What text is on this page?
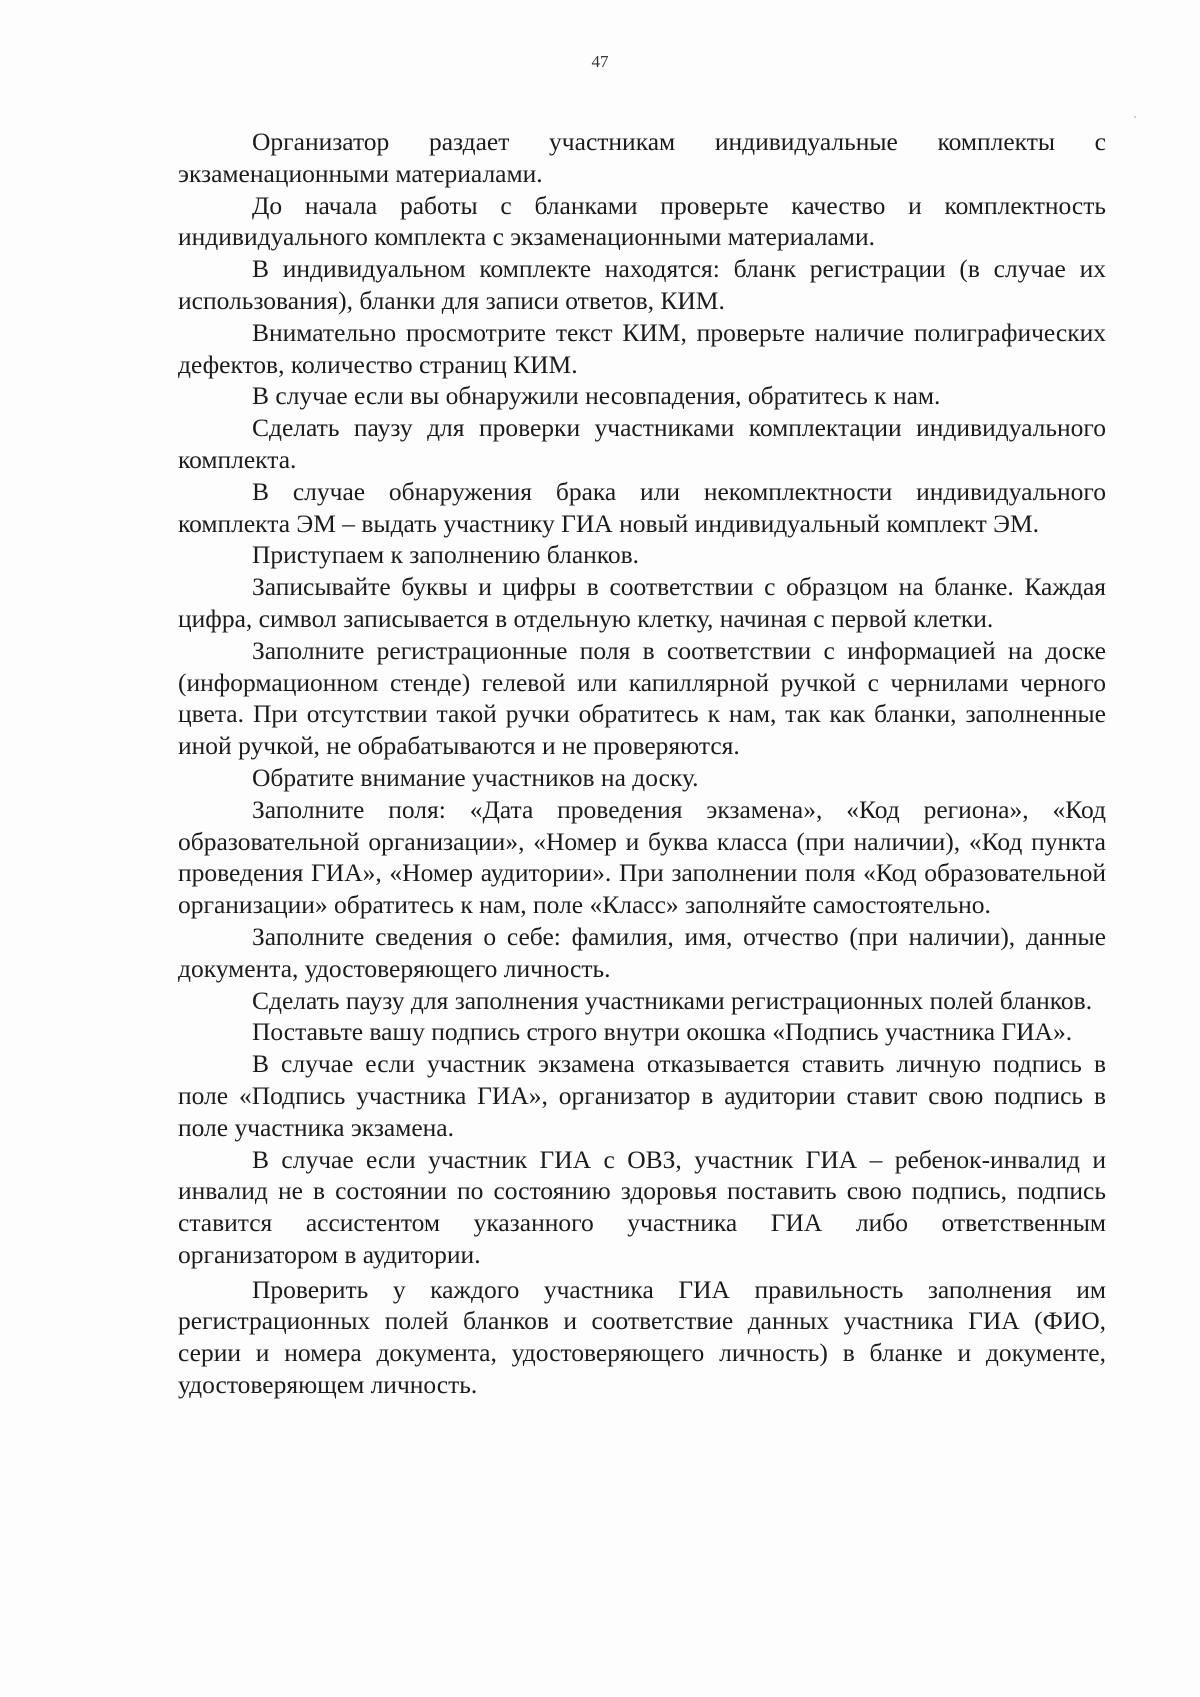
47

Организатор раздает участникам индивидуальные комплекты с экзаменационными материалами.

До начала работы с бланками проверьте качество и комплектность индивидуального комплекта с экзаменационными материалами.

В индивидуальном комплекте находятся: бланк регистрации (в случае их использования), бланки для записи ответов, КИМ.

Внимательно просмотрите текст КИМ, проверьте наличие полиграфических дефектов, количество страниц КИМ.

В случае если вы обнаружили несовпадения, обратитесь к нам.

Сделать паузу для проверки участниками комплектации индивидуального комплекта.

В случае обнаружения брака или некомплектности индивидуального комплекта ЭМ – выдать участнику ГИА новый индивидуальный комплект ЭМ.

Приступаем к заполнению бланков.

Записывайте буквы и цифры в соответствии с образцом на бланке. Каждая цифра, символ записывается в отдельную клетку, начиная с первой клетки.

Заполните регистрационные поля в соответствии с информацией на доске (информационном стенде) гелевой или капиллярной ручкой с чернилами черного цвета. При отсутствии такой ручки обратитесь к нам, так как бланки, заполненные иной ручкой, не обрабатываются и не проверяются.

Обратите внимание участников на доску.

Заполните поля: «Дата проведения экзамена», «Код региона», «Код образовательной организации», «Номер и буква класса (при наличии), «Код пункта проведения ГИА», «Номер аудитории». При заполнении поля «Код образовательной организации» обратитесь к нам, поле «Класс» заполняйте самостоятельно.

Заполните сведения о себе: фамилия, имя, отчество (при наличии), данные документа, удостоверяющего личность.

Сделать паузу для заполнения участниками регистрационных полей бланков.

Поставьте вашу подпись строго внутри окошка «Подпись участника ГИА».

В случае если участник экзамена отказывается ставить личную подпись в поле «Подпись участника ГИА», организатор в аудитории ставит свою подпись в поле участника экзамена.

В случае если участник ГИА с ОВЗ, участник ГИА – ребенок-инвалид и инвалид не в состоянии по состоянию здоровья поставить свою подпись, подпись ставится ассистентом указанного участника ГИА либо ответственным организатором в аудитории.

Проверить у каждого участника ГИА правильность заполнения им регистрационных полей бланков и соответствие данных участника ГИА (ФИО, серии и номера документа, удостоверяющего личность) в бланке и документе, удостоверяющем личность.
